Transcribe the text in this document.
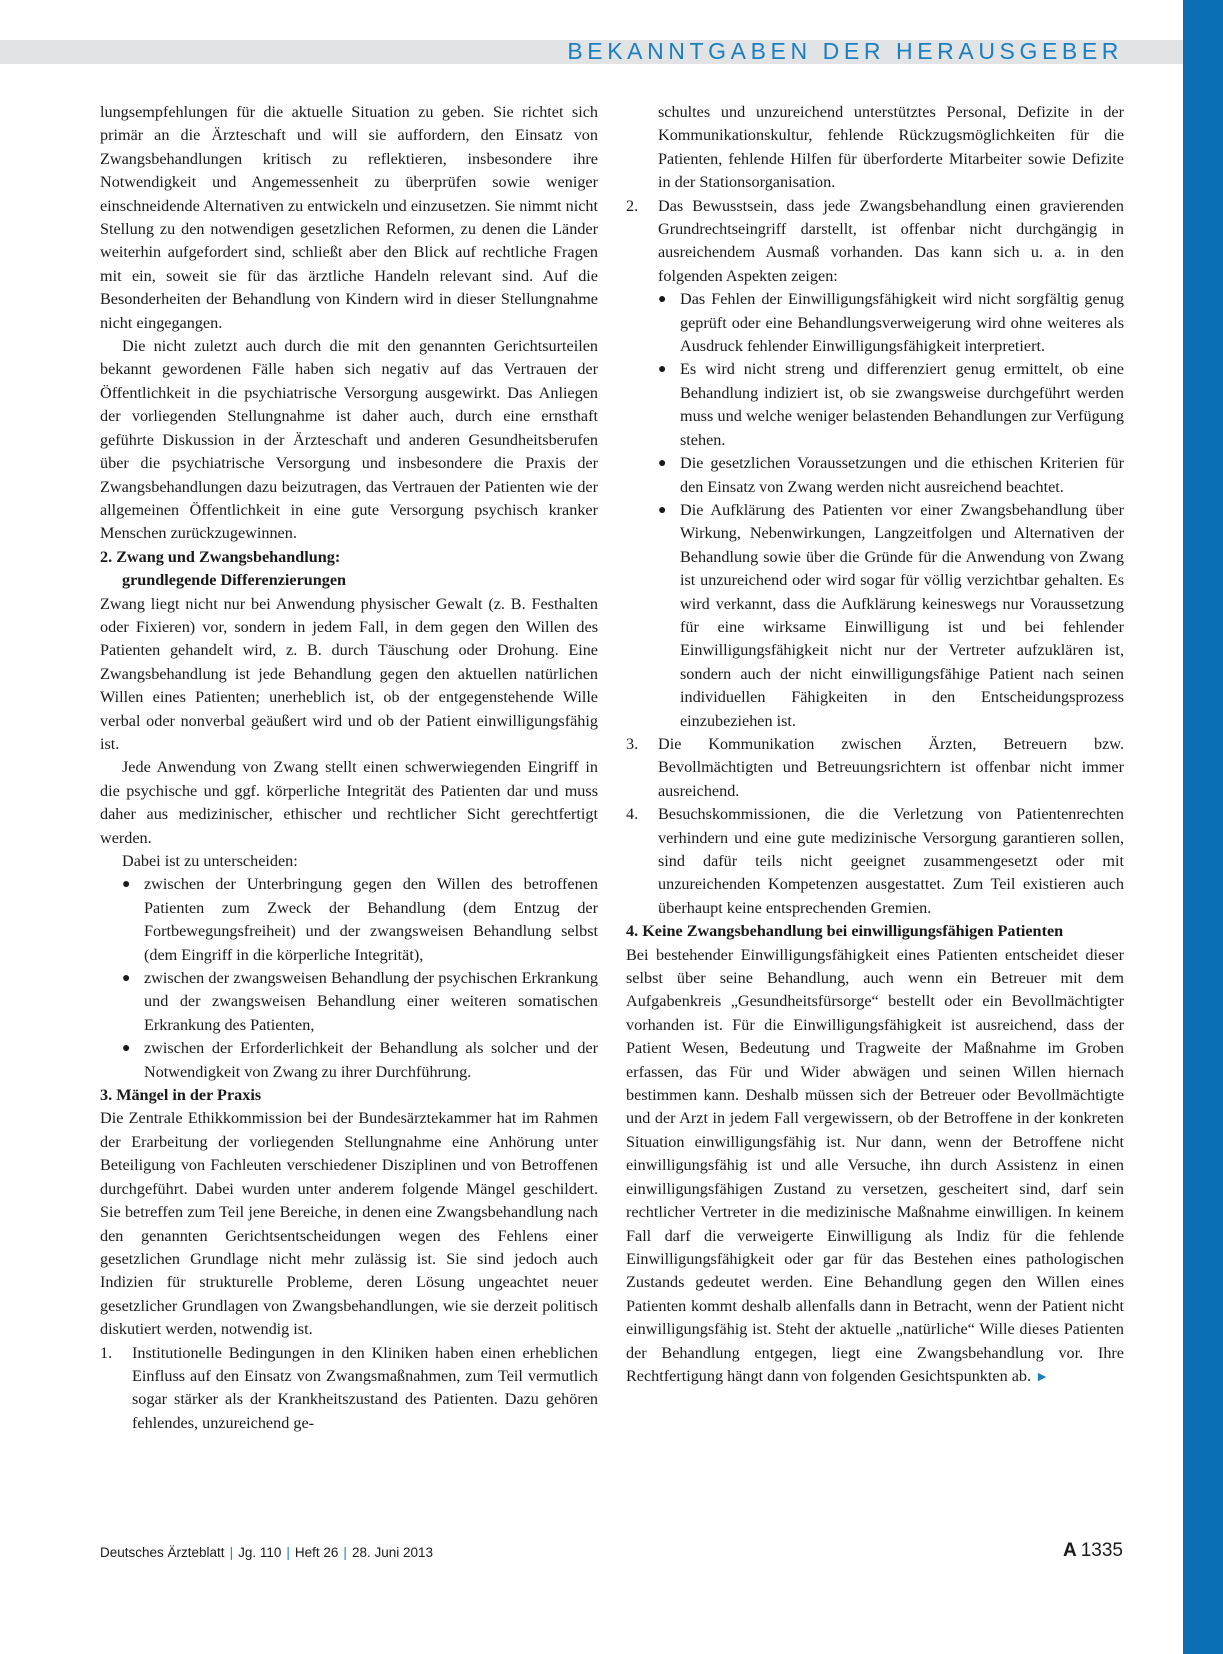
BEKANNTGABEN DER HERAUSGEBER

lungsempfehlungen für die aktuelle Situation zu geben. Sie richtet sich primär an die Ärzteschaft und will sie auffordern, den Einsatz von Zwangsbehandlungen kritisch zu reflektieren, insbesondere ihre Notwendigkeit und Angemessenheit zu überprüfen sowie weniger einschneidende Alternativen zu entwickeln und einzusetzen. Sie nimmt nicht Stellung zu den notwendigen gesetzlichen Reformen, zu denen die Länder weiterhin aufgefordert sind, schließt aber den Blick auf rechtliche Fragen mit ein, soweit sie für das ärztliche Handeln relevant sind. Auf die Besonderheiten der Behandlung von Kindern wird in dieser Stellungnahme nicht eingegangen.

Die nicht zuletzt auch durch die mit den genannten Gerichtsurteilen bekannt gewordenen Fälle haben sich negativ auf das Vertrauen der Öffentlichkeit in die psychiatrische Versorgung ausgewirkt. Das Anliegen der vorliegenden Stellungnahme ist daher auch, durch eine ernsthaft geführte Diskussion in der Ärzteschaft und anderen Gesundheitsberufen über die psychiatrische Versorgung und insbesondere die Praxis der Zwangsbehandlungen dazu beizutragen, das Vertrauen der Patienten wie der allgemeinen Öffentlichkeit in eine gute Versorgung psychisch kranker Menschen zurückzugewinnen.

2. Zwang und Zwangsbehandlung:
grundlegende Differenzierungen

Zwang liegt nicht nur bei Anwendung physischer Gewalt (z. B. Festhalten oder Fixieren) vor, sondern in jedem Fall, in dem gegen den Willen des Patienten gehandelt wird, z. B. durch Täuschung oder Drohung. Eine Zwangsbehandlung ist jede Behandlung gegen den aktuellen natürlichen Willen eines Patienten; unerheblich ist, ob der entgegenstehende Wille verbal oder nonverbal geäußert wird und ob der Patient einwilligungsfähig ist.

Jede Anwendung von Zwang stellt einen schwerwiegenden Eingriff in die psychische und ggf. körperliche Integrität des Patienten dar und muss daher aus medizinischer, ethischer und rechtlicher Sicht gerechtfertigt werden.

Dabei ist zu unterscheiden:

● zwischen der Unterbringung gegen den Willen des betroffenen Patienten zum Zweck der Behandlung (dem Entzug der Fortbewegungsfreiheit) und der zwangsweisen Behandlung selbst (dem Eingriff in die körperliche Integrität),

● zwischen der zwangsweisen Behandlung der psychischen Erkrankung und der zwangsweisen Behandlung einer weiteren somatischen Erkrankung des Patienten,

● zwischen der Erforderlichkeit der Behandlung als solcher und der Notwendigkeit von Zwang zu ihrer Durchführung.

3. Mängel in der Praxis

Die Zentrale Ethikkommission bei der Bundesärztekammer hat im Rahmen der Erarbeitung der vorliegenden Stellungnahme eine Anhörung unter Beteiligung von Fachleuten verschiedener Disziplinen und von Betroffenen durchgeführt. Dabei wurden unter anderem folgende Mängel geschildert. Sie betreffen zum Teil jene Bereiche, in denen eine Zwangsbehandlung nach den genannten Gerichtsentscheidungen wegen des Fehlens einer gesetzlichen Grundlage nicht mehr zulässig ist. Sie sind jedoch auch Indizien für strukturelle Probleme, deren Lösung ungeachtet neuer gesetzlicher Grundlagen von Zwangsbehandlungen, wie sie derzeit politisch diskutiert werden, notwendig ist.

1. Institutionelle Bedingungen in den Kliniken haben einen erheblichen Einfluss auf den Einsatz von Zwangsmaßnahmen, zum Teil vermutlich sogar stärker als der Krankheitszustand des Patienten. Dazu gehören fehlendes, unzureichend ge-

schultes und unzureichend unterstütztes Personal, Defizite in der Kommunikationskultur, fehlende Rückzugsmöglichkeiten für die Patienten, fehlende Hilfen für überforderte Mitarbeiter sowie Defizite in der Stationsorganisation.

2. Das Bewusstsein, dass jede Zwangsbehandlung einen gravierenden Grundrechtseingriff darstellt, ist offenbar nicht durchgängig in ausreichendem Ausmaß vorhanden. Das kann sich u. a. in den folgenden Aspekten zeigen:

● Das Fehlen der Einwilligungsfähigkeit wird nicht sorgfältig genug geprüft oder eine Behandlungsverweigerung wird ohne weiteres als Ausdruck fehlender Einwilligungsfähigkeit interpretiert.

● Es wird nicht streng und differenziert genug ermittelt, ob eine Behandlung indiziert ist, ob sie zwangsweise durchgeführt werden muss und welche weniger belastenden Behandlungen zur Verfügung stehen.

● Die gesetzlichen Voraussetzungen und die ethischen Kriterien für den Einsatz von Zwang werden nicht ausreichend beachtet.

● Die Aufklärung des Patienten vor einer Zwangsbehandlung über Wirkung, Nebenwirkungen, Langzeitfolgen und Alternativen der Behandlung sowie über die Gründe für die Anwendung von Zwang ist unzureichend oder wird sogar für völlig verzichtbar gehalten. Es wird verkannt, dass die Aufklärung keineswegs nur Voraussetzung für eine wirksame Einwilligung ist und bei fehlender Einwilligungsfähigkeit nicht nur der Vertreter aufzuklären ist, sondern auch der nicht einwilligungsfähige Patient nach seinen individuellen Fähigkeiten in den Entscheidungsprozess einzubeziehen ist.

3. Die Kommunikation zwischen Ärzten, Betreuern bzw. Bevollmächtigten und Betreuungsrichtern ist offenbar nicht immer ausreichend.
4. Besuchskommissionen, die die Verletzung von Patientenrechten verhindern und eine gute medizinische Versorgung garantieren sollen, sind dafür teils nicht geeignet zusammengesetzt oder mit unzureichenden Kompetenzen ausgestattet. Zum Teil existieren auch überhaupt keine entsprechenden Gremien.

4. Keine Zwangsbehandlung bei einwilligungsfähigen Patienten

Bei bestehender Einwilligungsfähigkeit eines Patienten entscheidet dieser selbst über seine Behandlung, auch wenn ein Betreuer mit dem Aufgabenkreis „Gesundheitsfürsorge“ bestellt oder ein Bevollmächtigter vorhanden ist. Für die Einwilligungsfähigkeit ist ausreichend, dass der Patient Wesen, Bedeutung und Tragweite der Maßnahme im Groben erfassen, das Für und Wider abwägen und seinen Willen hiernach bestimmen kann. Deshalb müssen sich der Betreuer oder Bevollmächtigte und der Arzt in jedem Fall vergewissern, ob der Betroffene in der konkreten Situation einwilligungsfähig ist. Nur dann, wenn der Betroffene nicht einwilligungsfähig ist und alle Versuche, ihn durch Assistenz in einen einwilligungsfähigen Zustand zu versetzen, gescheitert sind, darf sein rechtlicher Vertreter in die medizinische Maßnahme einwilligen. In keinem Fall darf die verweigerte Einwilligung als Indiz für die fehlende Einwilligungsfähigkeit oder gar für das Bestehen eines pathologischen Zustands gedeutet werden. Eine Behandlung gegen den Willen eines Patienten kommt deshalb allenfalls dann in Betracht, wenn der Patient nicht einwilligungsfähig ist. Steht der aktuelle „natürliche“ Wille dieses Patienten der Behandlung entgegen, liegt eine Zwangsbehandlung vor. Ihre Rechtfertigung hängt dann von folgenden Gesichtspunkten ab. ►

Deutsches Ärzteblatt | Jg. 110 | Heft 26 | 28. Juni 2013	A 1335
